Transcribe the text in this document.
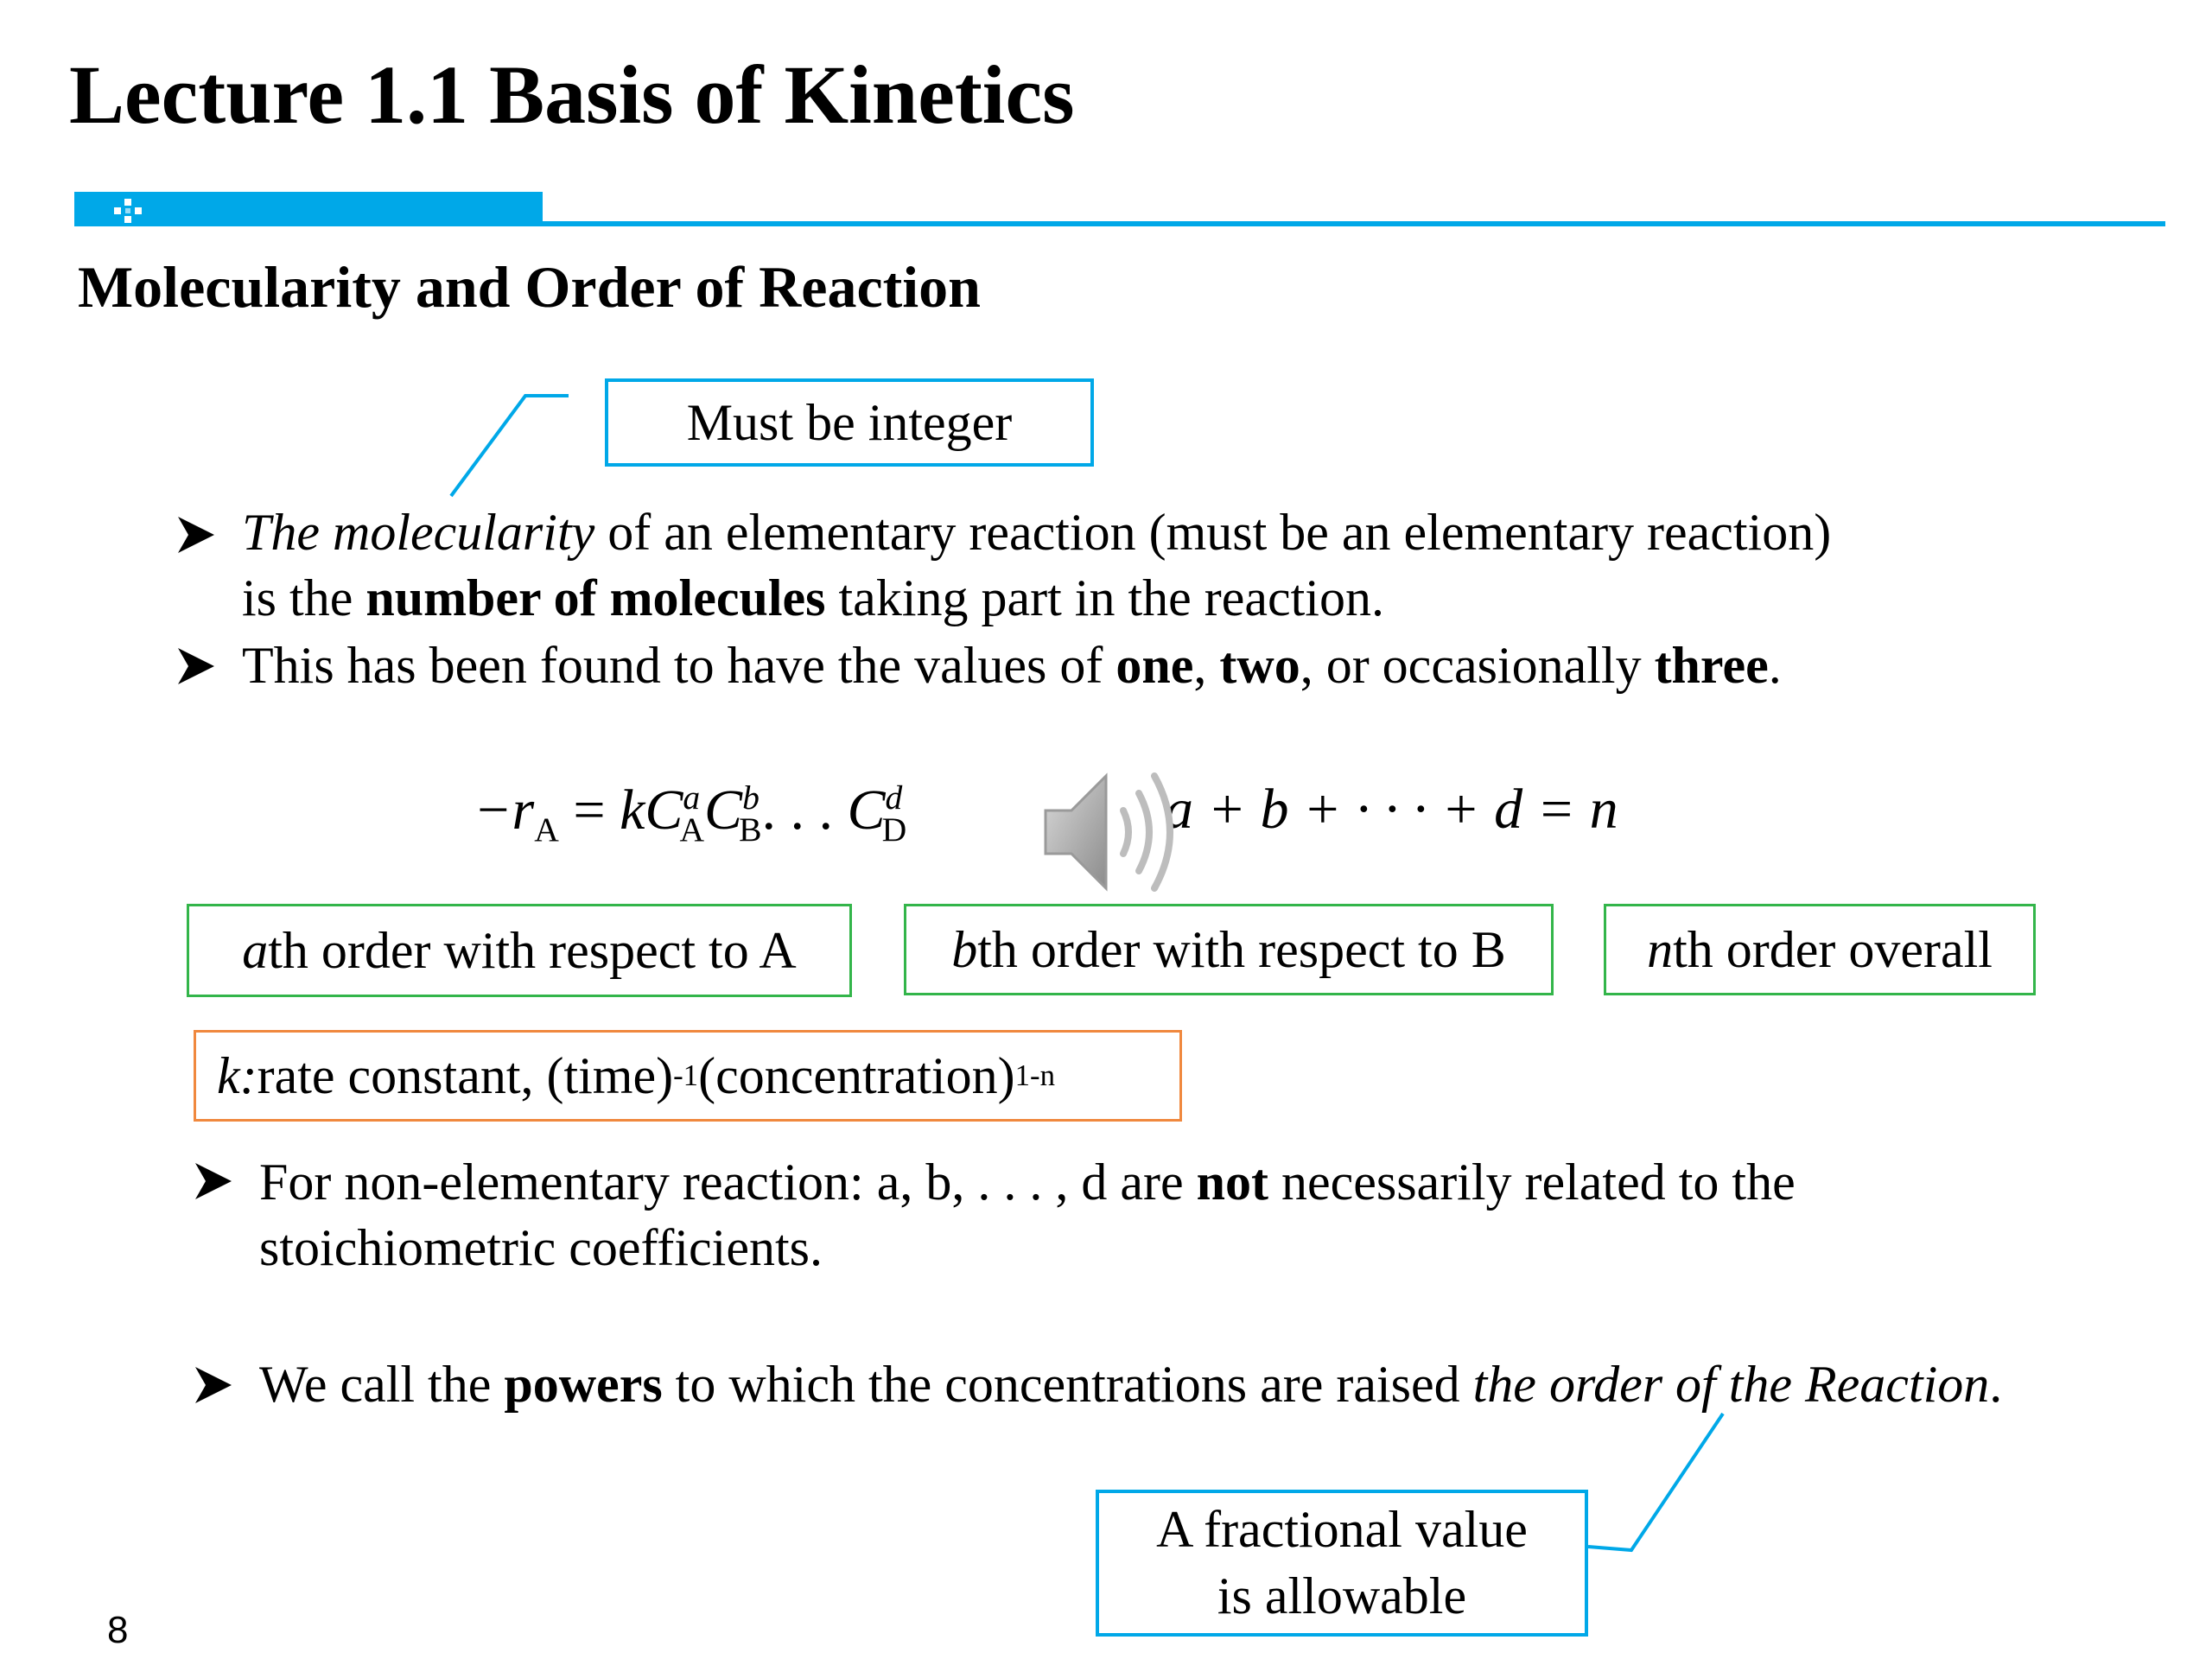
Lecture 1.1 Basis of Kinetics
Molecularity and Order of Reaction
Must be integer
The molecularity of an elementary reaction (must be an elementary reaction)
is the number of molecules taking part in the reaction.
This has been found to have the values of one, two, or occasionally three.
$-r_A = kC^a_AC^b_B$. . . $C^d_D$	a + b + · · · + d = n
a th order with respect to A	b th order with respect to B	n th order overall
k: rate constant, (time) -1 (concentration) 1-n
For non-elementary reaction: a, b, . . . , d are not necessarily related to the
stoichiometric coefficients.
We call the powers to which the concentrations are raised the order of the Reaction.
A fractional value
is allowable
8
